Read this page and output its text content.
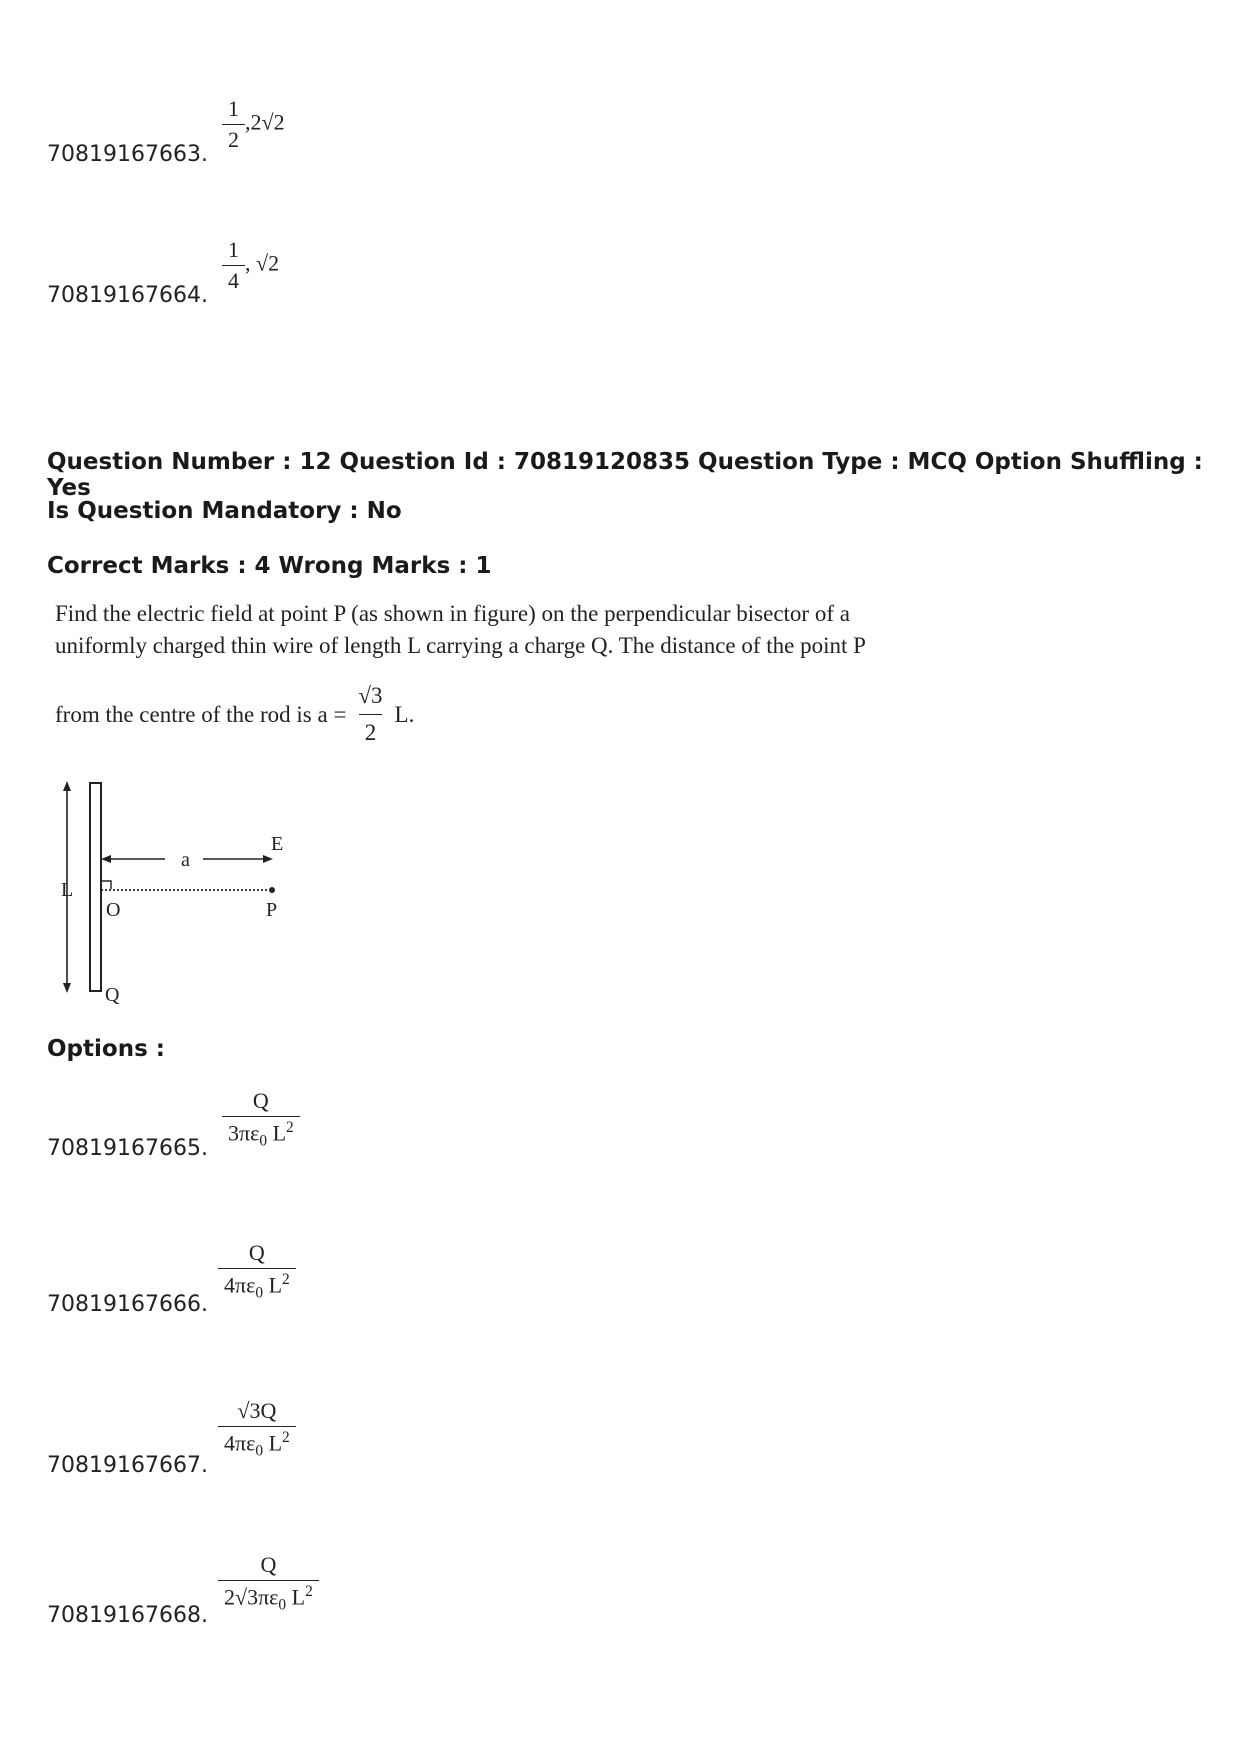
70819167663.
$\frac{1}{2} ,2√2$
70819167664.
$\frac{1}{4}$ , √2
Question Number : 12 Question Id : 70819120835 Question Type : MCQ Option Shuffling : Yes
Is Question Mandatory : No
Correct Marks : 4 Wrong Marks : 1
Find the electric field at point P (as shown in figure) on the perpendicular bisector of a
uniformly charged thin wire of length L carrying a charge Q. The distance of the point P
from the centre of the rod is $a = \frac{√3}{2} L$.
L
a
E
O	P
Q
Options :
70819167665. $\frac{Q}{3\pi\varepsilon_0 L^2}$
70819167666.
$\frac{Q}{4\pi\varepsilon_0 L^2}$
70819167667.
$\frac{√3Q}{4\pi\varepsilon_0 L^2}$
70819167668.
$\frac{Q}{2√3\pi\varepsilon_0 L^2}$
